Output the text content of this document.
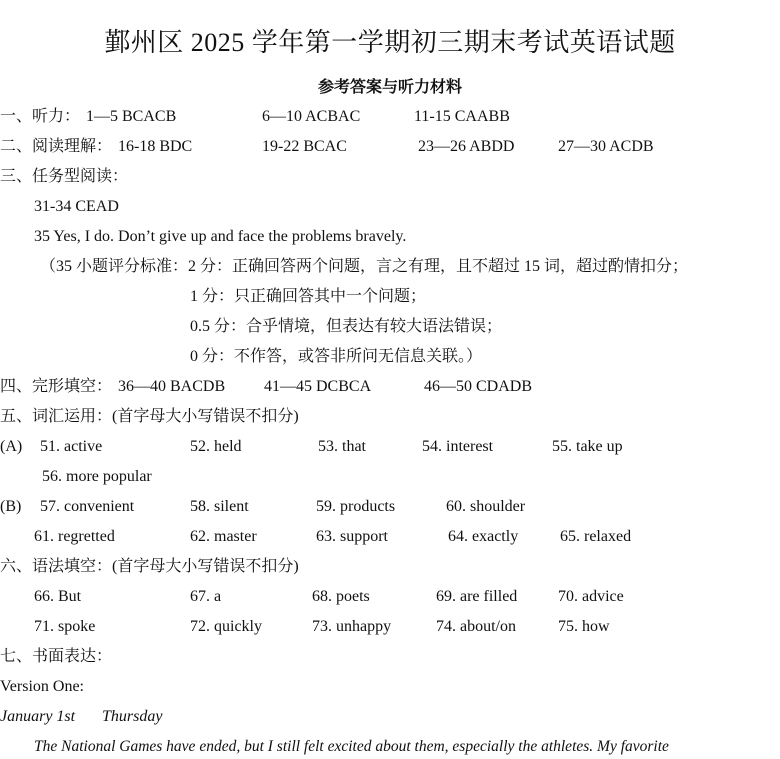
鄞州区 2025 学年第一学期初三期末考试英语试题
参考答案与听力材料
一、听力： 1—5 BCACB	6—10 ACBAC	11-15 CAABB
二、阅读理解： 16-18 BDC	19-22 BCAC	23—26 ABDD	27—30 ACDB
三、任务型阅读：
31-34 CEAD
35 Yes, I do. Don’t give up and face the problems bravely.
（35 小题评分标准：2 分：正确回答两个问题，言之有理，且不超过 15 词，超过酌情扣分；
1 分：只正确回答其中一个问题；
0.5 分：合乎情境，但表达有较大语法错误；
0 分：不作答，或答非所问无信息关联。）
四、完形填空： 36—40 BACDB 41—45 DCBCA	46—50 CDADB
五、词汇运用：(首字母大小写错误不扣分)
(A) 51. active	52. held	53. that	54. interest	55. take up
56. more popular
(B) 57. convenient	58. silent	59. products	60. shoulder
61. regretted	62. master	63. support	64. exactly	65. relaxed
六、语法填空：(首字母大小写错误不扣分)
66. But	67. a	68. poets	69. are filled	70. advice
71. spoke	72. quickly	73. unhappy	74. about/on	75. how
七、书面表达：
Version One:
January 1st Thursday
The National Games have ended, but I still felt excited about them, especially the athletes. My favorite
